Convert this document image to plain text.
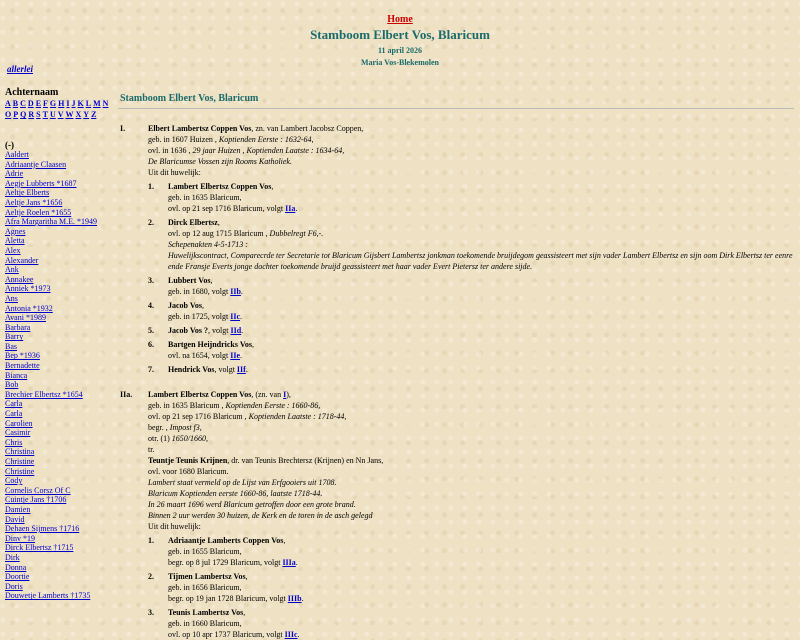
Home
Stamboom Elbert Vos, Blaricum
11 april 2026
Maria Vos-Blekemolen
allerlei
Achternaam
A B C D E F G H I J K L M N
O P Q R S T U V W X Y Z
(-)
Aaldert
Adriaantje Claasen
Adrie
Aegje Lubberts *1687
Aeltje Elberts
Aeltje Jans *1656
Aeltje Roelen *1655
Afra Margaritha M.E. *1949
Agnes
Aletta
Alex
Alexander
Ank
Annakee
Anniek *1973
Ans
Antonia *1932
Avani *1989
Barbara
Barry
Bas
Bep *1936
Bernadette
Bianca
Bob
Brechier Elbertsz *1654
Carla
Carla
Carolien
Casimir
Chris
Christina
Christine
Christine
Cody
Cornelis Corsz Of C
Cuintje Jans †1706
Damien
David
Dehaen Sijmens †1716
Dinv *19
Dirck Elbertsz †1715
Dirk
Donna
Doortie
Doris
Douwetje Lamberts †1735
Stamboom Elbert Vos, Blaricum
I.	Elbert Lambertsz Coppen Vos, zn. van Lambert Jacobsz Coppen,
geb. in 1607 Huizen , Koptienden Eerste : 1632-64,
ovl. in 1636 , 29 jaar Huizen , Koptienden Laatste : 1634-64,
De Blaricumse Vossen zijn Rooms Katholiek.
Uit dit huwelijk:
1. Lambert Elbertsz Coppen Vos,
geb. in 1635 Blaricum,
ovl. op 21 sep 1716 Blaricum, volgt IIa.
2. Dirck Elbertsz,
ovl. op 12 aug 1715 Blaricum , Dubbelregt F6,-.
Schepenakten 4-5-1713 :
Huwelijkscontract, Comparecrde ter Secretarie tot Blaricum Gijsbert Lambertsz jonkman toekomende bruijdegom geassisteert met sijn vader Lambert Elbertsz en sijn oom Dirk Elbertsz ter eenre ende Fransje Everts jonge dochter toekomende bruijd geassisteert met haar vader Evert Pietersz ter andere sijde.
3. Lubbert Vos,
geb. in 1680, volgt IIb.
4. Jacob Vos,
geb. in 1725, volgt IIc.
5. Jacob Vos ?, volgt IId.
6. Bartgen Heijndricks Vos,
ovl. na 1654, volgt IIe.
7. Hendrick Vos, volgt IIf.
IIa. Lambert Elbertsz Coppen Vos, (zn. van I),
geb. in 1635 Blaricum , Koptienden Eerste : 1660-86,
ovl. op 21 sep 1716 Blaricum , Koptienden Laatste : 1718-44,
begr. , Impost f3,
otr. (1) 1650/1660,
tr.
Teuntje Teunis Krijnen, dr. van Teunis Brechtersz (Krijnen) en Nn Jans,
ovl. voor 1680 Blaricum.
Lambert staat vermeld op de Lijst van Erfgooiers uit 1708.
Blaricum Koptienden eerste 1660-86, laatste 1718-44.
In 26 maart 1696 werd Blaricum getroffen door een grote brand.
Binnen 2 uur werden 30 huizen, de Kerk en de toren in de asch gelegd
Uit dit huwelijk:
1. Adriaantje Lamberts Coppen Vos,
geb. in 1655 Blaricum,
begr. op 8 jul 1729 Blaricum, volgt IIIa.
2. Tijmen Lambertsz Vos,
geb. in 1656 Blaricum,
begr. op 19 jan 1728 Blaricum, volgt IIIb.
3. Teunis Lambertsz Vos,
geb. in 1660 Blaricum,
ovl. op 10 apr 1737 Blaricum, volgt IIIc.
